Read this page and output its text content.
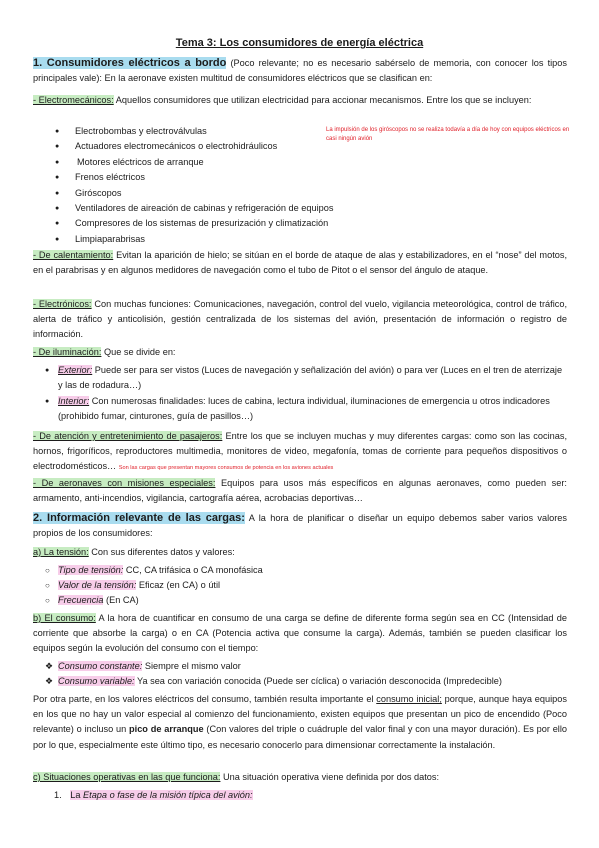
Tema 3: Los consumidores de energía eléctrica
1. Consumidores eléctricos a bordo (Poco relevante; no es necesario sabérselo de memoria, con conocer los tipos principales vale): En la aeronave existen multitud de consumidores eléctricos que se clasifican en:
- Electromecánicos: Aquellos consumidores que utilizan electricidad para accionar mecanismos. Entre los que se incluyen:
● Electrobombas y electroválvulas
● Actuadores electromecánicos o electrohidráulicos
● Motores eléctricos de arranque
● Frenos eléctricos
● Giróscopos
● Ventiladores de aireación de cabinas y refrigeración de equipos
● Compresores de los sistemas de presurización y climatización
● Limpiaparabrisas
La impulsión de los giróscopos no se realiza todavía a día de hoy con equipos eléctricos en casi ningún avión
- De calentamiento: Evitan la aparición de hielo; se sitúan en el borde de ataque de alas y estabilizadores, en el “nose” del motos, en el parabrisas y en algunos medidores de navegación como el tubo de Pitot o el sensor del ángulo de ataque.
- Electrónicos: Con muchas funciones: Comunicaciones, navegación, control del vuelo, vigilancia meteorológica, control de tráfico, alerta de tráfico y anticolisión, gestión centralizada de los sistemas del avión, presentación de información o registro de información.
- De iluminación: Que se divide en:
● Exterior: Puede ser para ser vistos (Luces de navegación y señalización del avión) o para ver (Luces en el tren de aterrizaje y las de rodadura…)
● Interior: Con numerosas finalidades: luces de cabina, lectura individual, iluminaciones de emergencia u otros indicadores (prohibido fumar, cinturones, guía de pasillos…)
- De atención y entretenimiento de pasajeros: Entre los que se incluyen muchas y muy diferentes cargas: como son las cocinas, hornos, frigoríficos, reproductores multimedia, monitores de video, megafonía, tomas de corriente para pequeños dispositivos o electrodomésticos… Son las cargas que presentan mayores consumos de potencia en los aviones actuales
- De aeronaves con misiones especiales: Equipos para usos más específicos en algunas aeronaves, como pueden ser: armamento, anti-incendios, vigilancia, cartografía aérea, acrobacias deportivas…
2. Información relevante de las cargas: A la hora de planificar o diseñar un equipo debemos saber varios valores propios de los consumidores:
a) La tensión: Con sus diferentes datos y valores:
○ Tipo de tensión: CC, CA trifásica o CA monofásica
○ Valor de la tensión: Eficaz (en CA) o útil
○ Frecuencia (En CA)
b) El consumo: A la hora de cuantificar en consumo de una carga se define de diferente forma según sea en CC (Intensidad de corriente que absorbe la carga) o en CA (Potencia activa que consume la carga). Además, también se pueden clasificar los equipos según la evolución del consumo con el tiempo:
❖ Consumo constante: Siempre el mismo valor
❖ Consumo variable: Ya sea con variación conocida (Puede ser cíclica) o variación desconocida (Impredecible)
Por otra parte, en los valores eléctricos del consumo, también resulta importante el consumo inicial; porque, aunque haya equipos en los que no hay un valor especial al comienzo del funcionamiento, existen equipos que presentan un pico de encendido (Poco relevante) o incluso un pico de arranque (Con valores del triple o cuádruple del valor final y con una mayor duración). Es por ello por lo que, especialmente este último tipo, es necesario conocerlo para dimensionar correctamente la instalación.
c) Situaciones operativas en las que funciona: Una situación operativa viene definida por dos datos:
1. La Etapa o fase de la misión típica del avión:
